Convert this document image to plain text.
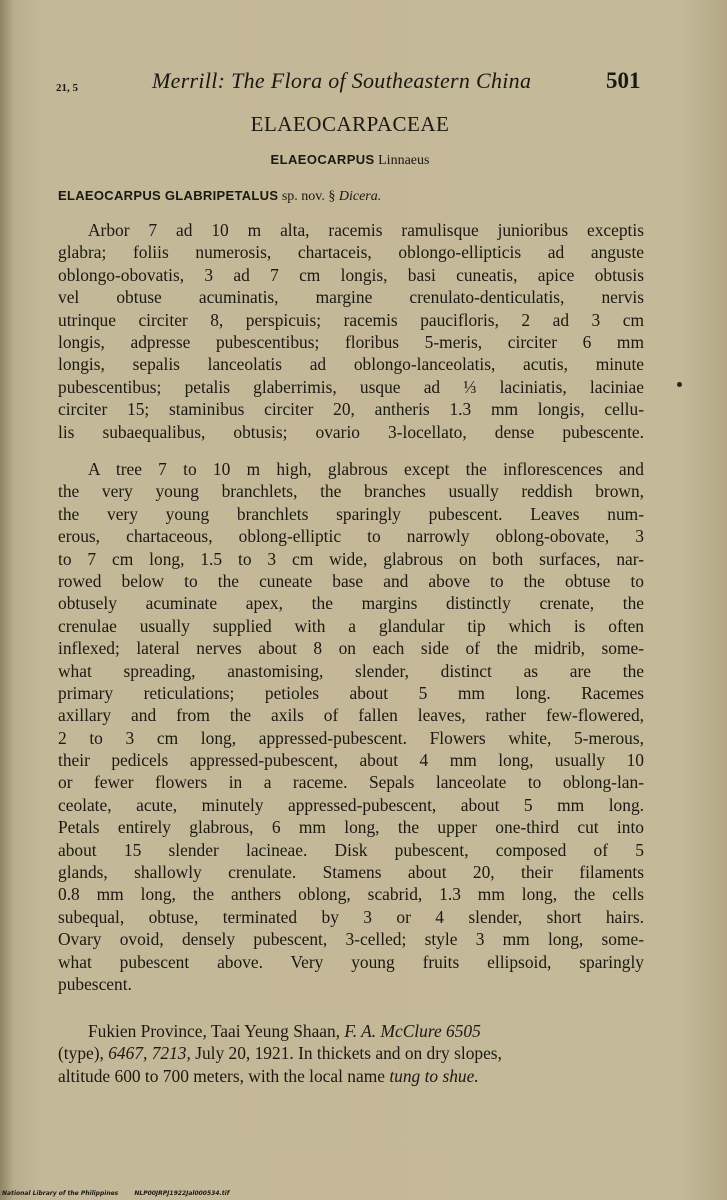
21, 5	Merrill: The Flora of Southeastern China	501
ELAEOCARPACEAE
ELAEOCARPUS Linnaeus
ELAEOCARPUS GLABRIPETALUS sp. nov. § Dicera.
Arbor 7 ad 10 m alta, racemis ramulisque junioribus exceptis
glabra; foliis numerosis, chartaceis, oblongo-ellipticis ad anguste
oblongo-obovatis, 3 ad 7 cm longis, basi cuneatis, apice obtusis
vel obtuse acuminatis, margine crenulato-denticulatis, nervis
utrinque circiter 8, perspicuis; racemis paucifloris, 2 ad 3 cm
longis, adpresse pubescentibus; floribus 5-meris, circiter 6 mm
longis, sepalis lanceolatis ad oblongo-lanceolatis, acutis, minute
pubescentibus; petalis glaberrimis, usque ad ⅓ laciniatis, laciniae
circiter 15; staminibus circiter 20, antheris 1.3 mm longis, cellu-
lis subaequalibus, obtusis; ovario 3-locellato, dense pubescente.
A tree 7 to 10 m high, glabrous except the inflorescences and
the very young branchlets, the branches usually reddish brown,
the very young branchlets sparingly pubescent. Leaves num-
erous, chartaceous, oblong-elliptic to narrowly oblong-obovate, 3
to 7 cm long, 1.5 to 3 cm wide, glabrous on both surfaces, nar-
rowed below to the cuneate base and above to the obtuse to
obtusely acuminate apex, the margins distinctly crenate, the
crenulae usually supplied with a glandular tip which is often
inflexed; lateral nerves about 8 on each side of the midrib, some-
what spreading, anastomising, slender, distinct as are the
primary reticulations; petioles about 5 mm long. Racemes
axillary and from the axils of fallen leaves, rather few-flowered,
2 to 3 cm long, appressed-pubescent. Flowers white, 5-merous,
their pedicels appressed-pubescent, about 4 mm long, usually 10
or fewer flowers in a raceme. Sepals lanceolate to oblong-lan-
ceolate, acute, minutely appressed-pubescent, about 5 mm long.
Petals entirely glabrous, 6 mm long, the upper one-third cut into
about 15 slender lacineae. Disk pubescent, composed of 5
glands, shallowly crenulate. Stamens about 20, their filaments
0.8 mm long, the anthers oblong, scabrid, 1.3 mm long, the cells
subequal, obtuse, terminated by 3 or 4 slender, short hairs.
Ovary ovoid, densely pubescent, 3-celled; style 3 mm long, some-
what pubescent above. Very young fruits ellipsoid, sparingly
pubescent.
Fukien Province, Taai Yeung Shaan, F. A. McClure 6505
(type), 6467, 7213, July 20, 1921. In thickets and on dry slopes,
altitude 600 to 700 meters, with the local name tung to shue.
National Library of the Philippines	NLP00JRPJ1922Jal000534.tif
